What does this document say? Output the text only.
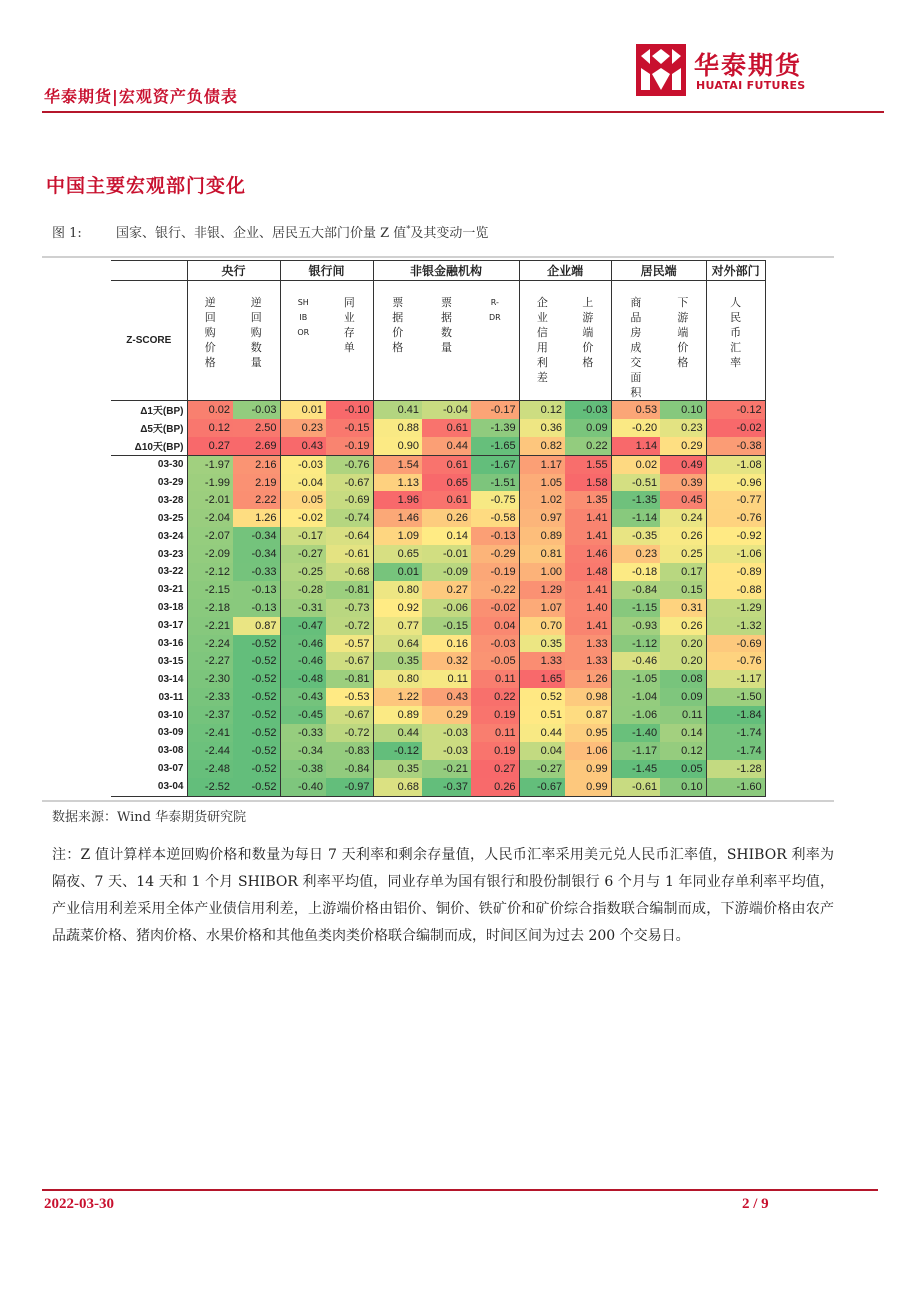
华泰期货|宏观资产负债表
华泰期货
HUATAI FUTURES
中国主要宏观部门变化
图 1:	国家、银行、非银、企业、居民五大部门价量 Z 值*及其变动一览
	央行		银行间		非银金融机构			企业端		居民端		对外部门
Z-SCORE	逆回购价格	逆回购数量	SHIBOR	同业存单	票据价格	票据数量	R-DR	企业信用利差	上游端价格	商品房成交面积	下游端价格	人民币汇率
Δ1天(BP)	0.02	-0.03	0.01	-0.10	0.41	-0.04	-0.17	0.12	-0.03	0.53	0.10	-0.12
Δ5天(BP)	0.12	2.50	0.23	-0.15	0.88	0.61	-1.39	0.36	0.09	-0.20	0.23	-0.02
Δ10天(BP)	0.27	2.69	0.43	-0.19	0.90	0.44	-1.65	0.82	0.22	1.14	0.29	-0.38
03-30	-1.97	2.16	-0.03	-0.76	1.54	0.61	-1.67	1.17	1.55	0.02	0.49	-1.08
03-29	-1.99	2.19	-0.04	-0.67	1.13	0.65	-1.51	1.05	1.58	-0.51	0.39	-0.96
03-28	-2.01	2.22	0.05	-0.69	1.96	0.61	-0.75	1.02	1.35	-1.35	0.45	-0.77
03-25	-2.04	1.26	-0.02	-0.74	1.46	0.26	-0.58	0.97	1.41	-1.14	0.24	-0.76
03-24	-2.07	-0.34	-0.17	-0.64	1.09	0.14	-0.13	0.89	1.41	-0.35	0.26	-0.92
03-23	-2.09	-0.34	-0.27	-0.61	0.65	-0.01	-0.29	0.81	1.46	0.23	0.25	-1.06
03-22	-2.12	-0.33	-0.25	-0.68	0.01	-0.09	-0.19	1.00	1.48	-0.18	0.17	-0.89
03-21	-2.15	-0.13	-0.28	-0.81	0.80	0.27	-0.22	1.29	1.41	-0.84	0.15	-0.88
03-18	-2.18	-0.13	-0.31	-0.73	0.92	-0.06	-0.02	1.07	1.40	-1.15	0.31	-1.29
03-17	-2.21	0.87	-0.47	-0.72	0.77	-0.15	0.04	0.70	1.41	-0.93	0.26	-1.32
03-16	-2.24	-0.52	-0.46	-0.57	0.64	0.16	-0.03	0.35	1.33	-1.12	0.20	-0.69
03-15	-2.27	-0.52	-0.46	-0.67	0.35	0.32	-0.05	1.33	1.33	-0.46	0.20	-0.76
03-14	-2.30	-0.52	-0.48	-0.81	0.80	0.11	0.11	1.65	1.26	-1.05	0.08	-1.17
03-11	-2.33	-0.52	-0.43	-0.53	1.22	0.43	0.22	0.52	0.98	-1.04	0.09	-1.50
03-10	-2.37	-0.52	-0.45	-0.67	0.89	0.29	0.19	0.51	0.87	-1.06	0.11	-1.84
03-09	-2.41	-0.52	-0.33	-0.72	0.44	-0.03	0.11	0.44	0.95	-1.40	0.14	-1.74
03-08	-2.44	-0.52	-0.34	-0.83	-0.12	-0.03	0.19	0.04	1.06	-1.17	0.12	-1.74
03-07	-2.48	-0.52	-0.38	-0.84	0.35	-0.21	0.27	-0.27	0.99	-1.45	0.05	-1.28
03-04	-2.52	-0.52	-0.40	-0.97	0.68	-0.37	0.26	-0.67	0.99	-0.61	0.10	-1.60
数据来源：Wind 华泰期货研究院
注：Z 值计算样本逆回购价格和数量为每日 7 天利率和剩余存量值，人民币汇率采用美元兑人民币汇率值，SHIBOR 利率为隔夜、7 天、14 天和 1 个月 SHIBOR 利率平均值，同业存单为国有银行和股份制银行 6 个月与 1 年同业存单利率平均值，产业信用利差采用全体产业债信用利差，上游端价格由铝价、铜价、铁矿价和矿价综合指数联合编制而成，下游端价格由农产品蔬菜价格、猪肉价格、水果价格和其他鱼类肉类价格联合编制而成，时间区间为过去 200 个交易日。
2022-03-30	2 / 9
